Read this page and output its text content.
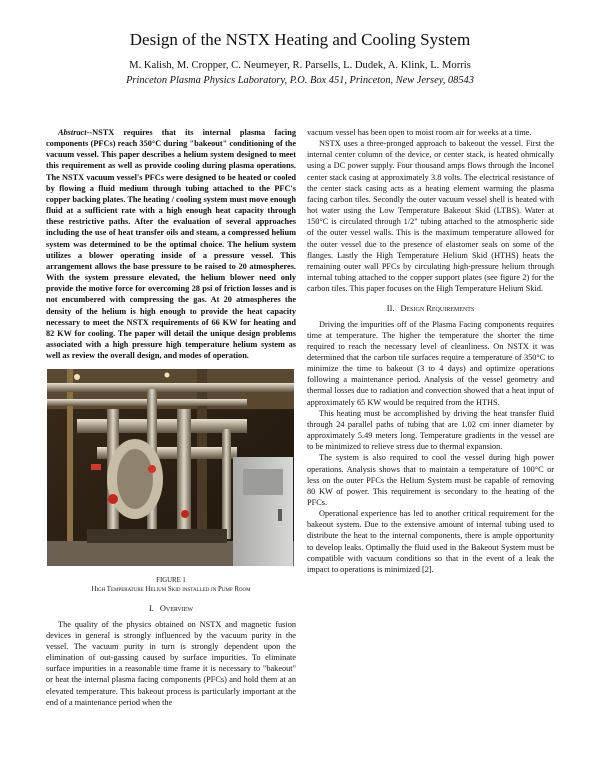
Design of the NSTX Heating and Cooling System
M. Kalish, M. Cropper, C. Neumeyer, R. Parsells, L. Dudek, A. Klink, L. Morris
Princeton Plasma Physics Laboratory, P.O. Box 451, Princeton, New Jersey, 08543

Abstract--NSTX requires that its internal plasma facing components (PFCs) reach 350°C during "bakeout" conditioning of the vacuum vessel. This paper describes a helium system designed to meet this requirement as well as provide cooling during plasma operations. The NSTX vacuum vessel's PFCs were designed to be heated or cooled by flowing a fluid medium through tubing attached to the PFC's copper backing plates. The heating / cooling system must move enough fluid at a sufficient rate with a high enough heat capacity through these restrictive paths. After the evaluation of several approaches including the use of heat transfer oils and steam, a compressed helium system was determined to be the optimal choice. The helium system utilizes a blower operating inside of a pressure vessel. This arrangement allows the base pressure to be raised to 20 atmospheres. With the system pressure elevated, the helium blower need only provide the motive force for overcoming 28 psi of friction losses and is not encumbered with compressing the gas. At 20 atmospheres the density of the helium is high enough to provide the heat capacity necessary to meet the NSTX requirements of 66 KW for heating and 82 KW for cooling. The paper will detail the unique design problems associated with a high pressure high temperature helium system as well as review the overall design, and modes of operation.

FIGURE 1
High Temperature Helium Skid installed in Pump Room
I. Overview

The quality of the physics obtained on NSTX and magnetic fusion devices in general is strongly influenced by the vacuum purity in the vessel. The vacuum purity in turn is strongly dependent upon the elimination of out-gassing caused by surface impurities. To eliminate surface impurities in a reasonable time frame it is necessary to "bakeout" or heat the internal plasma facing components (PFCs) and hold them at an elevated temperature. This bakeout process is particularly important at the end of a maintenance period when the

vacuum vessel has been open to moist room air for weeks at a time.

NSTX uses a three-pronged approach to bakeout the vessel. First the internal center column of the device, or center stack, is heated ohmically using a DC power supply. Four thousand amps flows through the Inconel center stack casing at approximately 3.8 volts. The electrical resistance of the center stack casing acts as a heating element warming the plasma facing carbon tiles. Secondly the outer vacuum vessel shell is heated with hot water using the Low Temperature Bakeout Skid (LTBS). Water at 150°C is circulated through 1/2" tubing attached to the atmospheric side of the outer vessel walls. This is the maximum temperature allowed for the outer vessel due to the presence of elastomer seals on some of the flanges. Lastly the High Temperature Helium Skid (HTHS) heats the remaining outer wall PFCs by circulating high-pressure helium through internal tubing attached to the copper support plates (see figure 2) for the carbon tiles. This paper focuses on the High Temperature Helium Skid.

II. Design Requirements

Driving the impurities off of the Plasma Facing components requires time at temperature. The higher the temperature the shorter the time required to reach the necessary level of cleanliness. On NSTX it was determined that the carbon tile surfaces require a temperature of 350°C to minimize the time to bakeout (3 to 4 days) and optimize operations following a maintenance period. Analysis of the vessel geometry and thermal losses due to radiation and convection showed that a heat input of approximately 65 KW would be required from the HTHS.

This heating must be accomplished by driving the heat transfer fluid through 24 parallel paths of tubing that are 1.02 cm inner diameter by approximately 5.49 meters long. Temperature gradients in the vessel are to be minimized to relieve stress due to thermal expansion.

The system is also required to cool the vessel during high power operations. Analysis shows that to maintain a temperature of 100°C or less on the outer PFCs the Helium System must be capable of removing 80 KW of power. This requirement is secondary to the heating of the PFCs.

Operational experience has led to another critical requirement for the bakeout system. Due to the extensive amount of internal tubing used to distribute the heat to the internal components, there is ample opportunity to develop leaks. Optimally the fluid used in the Bakeout System must be compatible with vacuum conditions so that in the event of a leak the impact to operations is minimized [2].
